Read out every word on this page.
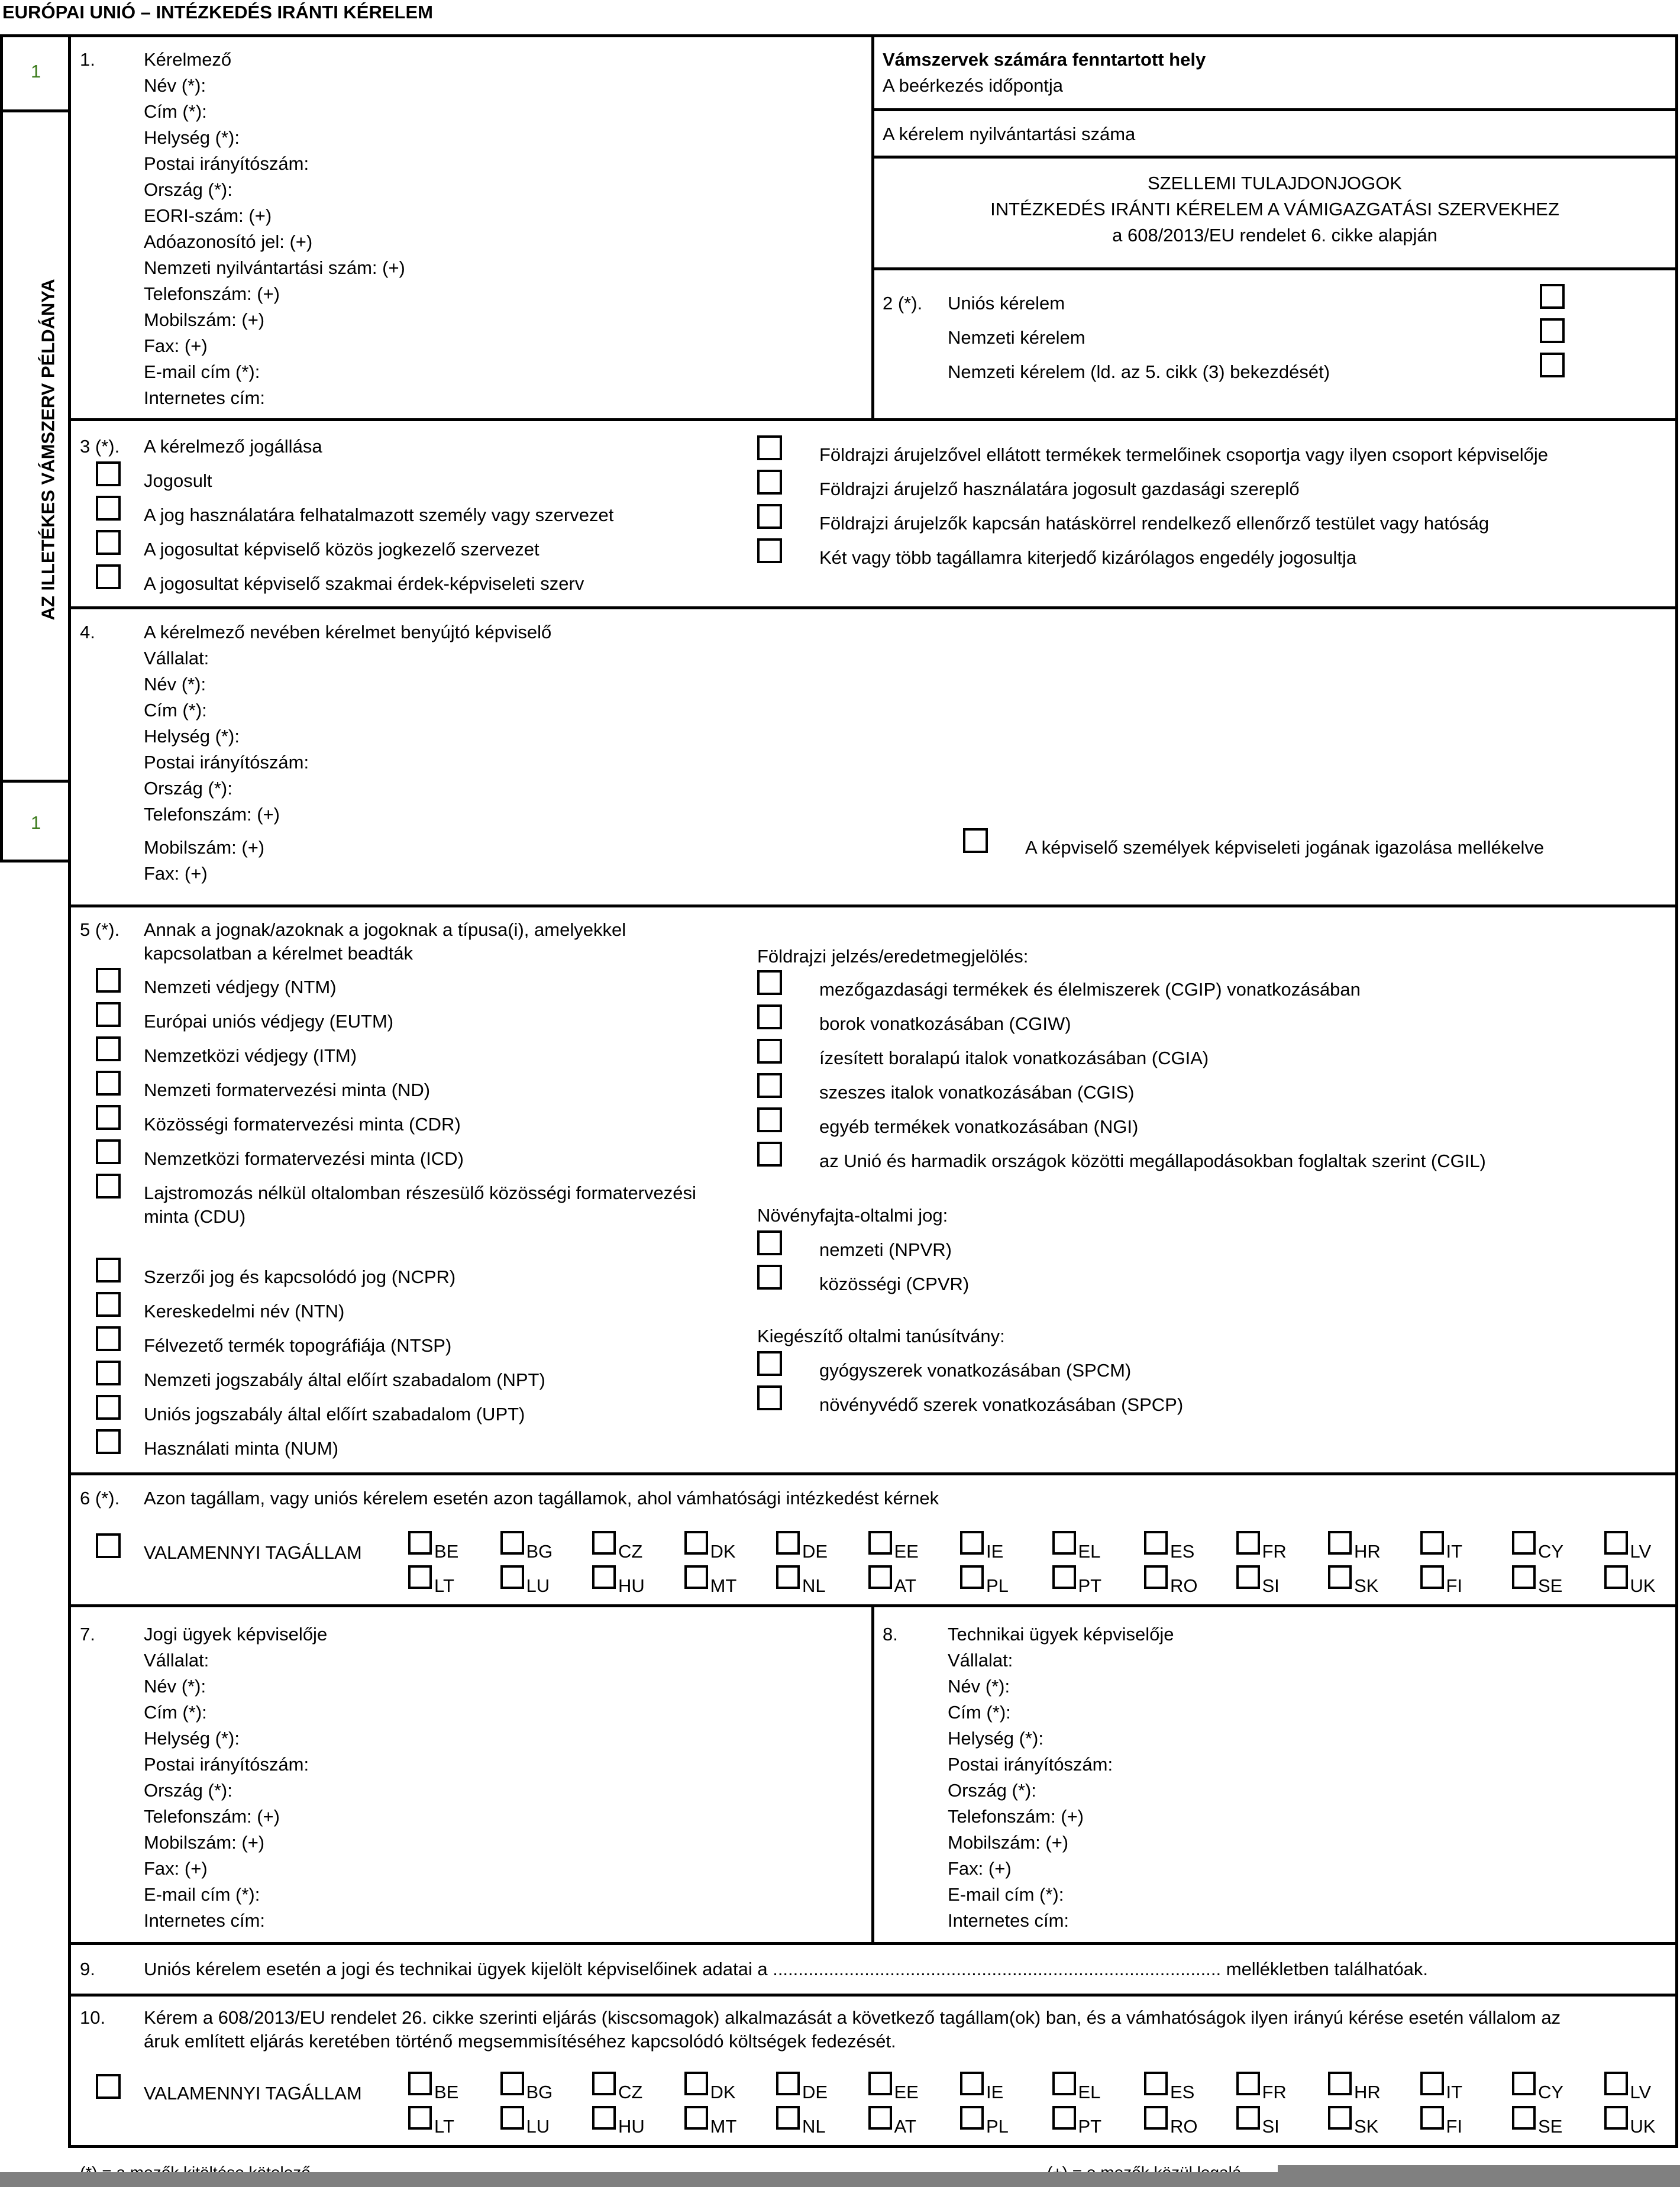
EURÓPAI UNIÓ – INTÉZKEDÉS IRÁNTI KÉRELEM
1
1
AZ ILLETÉKES VÁMSZERV PÉLDÁNYA
1.	Kérelmező
Név (*):
Cím (*):
Helység (*):
Postai irányítószám:
Ország (*):
EORI-szám: (+)
Adóazonosító jel: (+)
Nemzeti nyilvántartási szám: (+)
Telefonszám: (+)
Mobilszám: (+)
Fax: (+)
E-mail cím (*):
Internetes cím:
Vámszervek számára fenntartott hely
A beérkezés időpontja
A kérelem nyilvántartási száma
SZELLEMI TULAJDONJOGOK
INTÉZKEDÉS IRÁNTI KÉRELEM A VÁMIGAZGATÁSI SZERVEKHEZ
a 608/2013/EU rendelet 6. cikke alapján
2 (*). Uniós kérelem
Nemzeti kérelem
Nemzeti kérelem (ld. az 5. cikk (3) bekezdését)
3 (*). A kérelmező jogállása
Jogosult
A jog használatára felhatalmazott személy vagy szervezet
A jogosultat képviselő közös jogkezelő szervezet
A jogosultat képviselő szakmai érdek-képviseleti szerv
Földrajzi árujelzővel ellátott termékek termelőinek csoportja vagy ilyen csoport képviselője
Földrajzi árujelző használatára jogosult gazdasági szereplő
Földrajzi árujelzők kapcsán hatáskörrel rendelkező ellenőrző testület vagy hatóság
Két vagy több tagállamra kiterjedő kizárólagos engedély jogosultja
4.	A kérelmező nevében kérelmet benyújtó képviselő
Vállalat:
Név (*):
Cím (*):
Helység (*):
Postai irányítószám:
Ország (*):
Telefonszám: (+)
Mobilszám: (+)
Fax: (+)
A képviselő személyek képviseleti jogának igazolása mellékelve
5 (*). Annak a jognak/azoknak a jogoknak a típusa(i), amelyekkel
kapcsolatban a kérelmet beadták
Nemzeti védjegy (NTM)
Európai uniós védjegy (EUTM)
Nemzetközi védjegy (ITM)
Nemzeti formatervezési minta (ND)
Közösségi formatervezési minta (CDR)
Nemzetközi formatervezési minta (ICD)
Lajstromozás nélkül oltalomban részesülő közösségi formatervezési
minta (CDU)
Szerzői jog és kapcsolódó jog (NCPR)
Kereskedelmi név (NTN)
Félvezető termék topográfiája (NTSP)
Nemzeti jogszabály által előírt szabadalom (NPT)
Uniós jogszabály által előírt szabadalom (UPT)
Használati minta (NUM)
Földrajzi jelzés/eredetmegjelölés:
mezőgazdasági termékek és élelmiszerek (CGIP) vonatkozásában
borok vonatkozásában (CGIW)
ízesített boralapú italok vonatkozásában (CGIA)
szeszes italok vonatkozásában (CGIS)
egyéb termékek vonatkozásában (NGI)
az Unió és harmadik országok közötti megállapodásokban foglaltak szerint (CGIL)
Növényfajta-oltalmi jog:
nemzeti (NPVR)
közösségi (CPVR)
Kiegészítő oltalmi tanúsítvány:
gyógyszerek vonatkozásában (SPCM)
növényvédő szerek vonatkozásában (SPCP)
6 (*). Azon tagállam, vagy uniós kérelem esetén azon tagállamok, ahol vámhatósági intézkedést kérnek
VALAMENNYI TAGÁLLAM	BE	BG	CZ	DK	DE	EE	IE	EL	ES	FR	HR	IT	CY	LV
LT	LU	HU	MT	NL	AT	PL	PT	RO	SI	SK	FI	SE	UK
7.	Jogi ügyek képviselője
Vállalat:
Név (*):
Cím (*):
Helység (*):
Postai irányítószám:
Ország (*):
Telefonszám: (+)
Mobilszám: (+)
Fax: (+)
E-mail cím (*):
Internetes cím:
8.	Technikai ügyek képviselője
Vállalat:
Név (*):
Cím (*):
Helység (*):
Postai irányítószám:
Ország (*):
Telefonszám: (+)
Mobilszám: (+)
Fax: (+)
E-mail cím (*):
Internetes cím:
9.	Uniós kérelem esetén a jogi és technikai ügyek kijelölt képviselőinek adatai a ........................................................................................ mellékletben találhatóak.
10. Kérem a 608/2013/EU rendelet 26. cikke szerinti eljárás (kiscsomagok) alkalmazását a következő tagállam(ok) ban, és a vámhatóságok ilyen irányú kérése esetén vállalom az
áruk említett eljárás keretében történő megsemmisítéséhez kapcsolódó költségek fedezését.
VALAMENNYI TAGÁLLAM	BE	BG	CZ	DK	DE	EE	IE	EL	ES	FR	HR	IT	CY	LV
LT	LU	HU	MT	NL	AT	PL	PT	RO	SI	SK	FI	SE	UK
